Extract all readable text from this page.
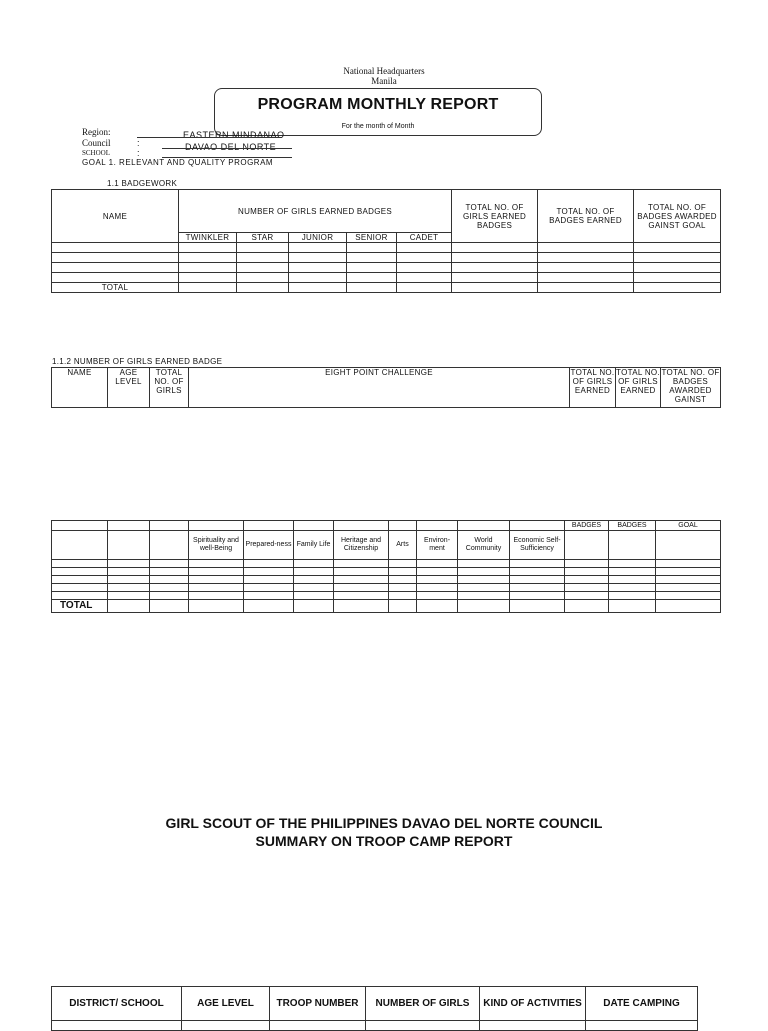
National Headquarters
Manila
PROGRAM MONTHLY REPORT
For the month of Month
Region:
Council
SCHOOL
:
:
EASTERN MINDANAO
DAVAO DEL NORTE
GOAL 1. RELEVANT AND QUALITY PROGRAM
1.1 BADGEWORK
NAME	NUMBER OF GIRLS EARNED BADGES					TOTAL NO. OF GIRLS EARNED BADGES	TOTAL NO. OF BADGES EARNED	TOTAL NO. OF BADGES AWARDED GAINST GOAL
	TWINKLER	STAR	JUNIOR	SENIOR	CADET			

TOTAL								
1.1.2 NUMBER OF GIRLS EARNED BADGE
NAME	AGE LEVEL	TOTAL NO. OF GIRLS	EIGHT POINT CHALLENGE	TOTAL NO. OF GIRLS EARNED	TOTAL NO. OF GIRLS EARNED	TOTAL NO. OF BADGES AWARDED GAINST
											BADGES	BADGES	GOAL
			Spirituality and well-Being	Prepared-ness	Family Life	Heritage and Citizenship	Arts	Environ-ment	World Community	Economic Self-Sufficiency			

TOTAL													
GIRL SCOUT OF THE PHILIPPINES DAVAO DEL NORTE COUNCIL
SUMMARY ON TROOP CAMP REPORT
DISTRICT/ SCHOOL	AGE LEVEL	TROOP NUMBER	NUMBER OF GIRLS	KIND OF ACTIVITIES	DATE CAMPING
